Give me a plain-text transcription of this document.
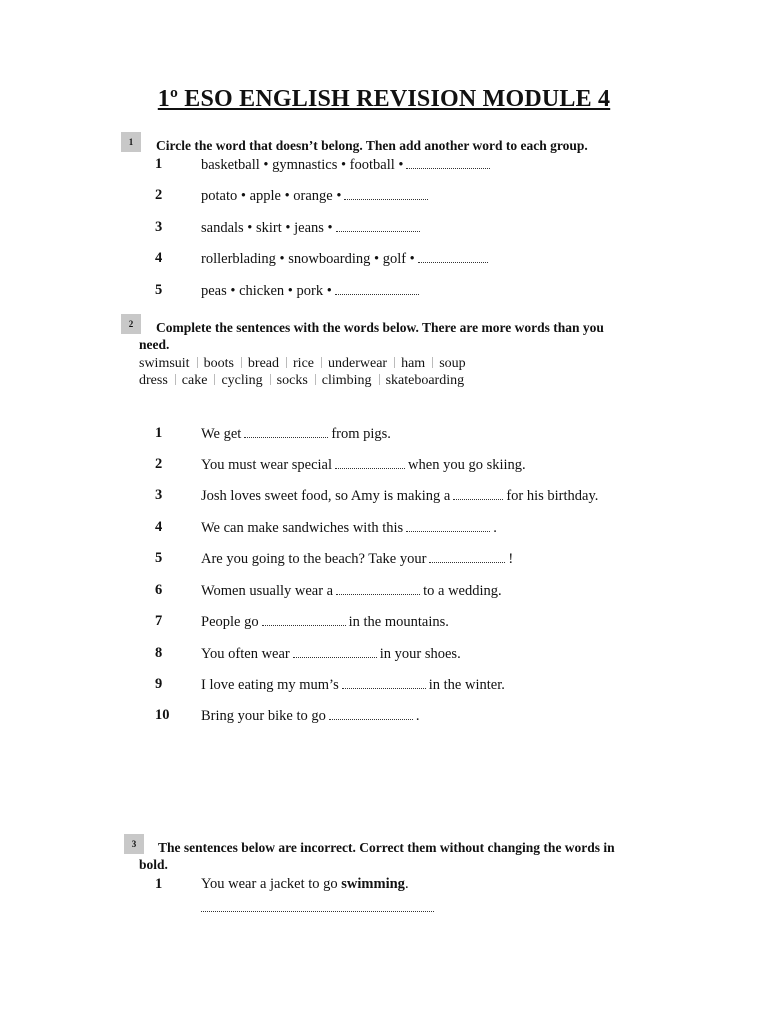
1º ESO ENGLISH REVISION MODULE 4
1	Circle the word that doesn’t belong. Then add another word to each group.
1	basketball • gymnastics • football •
2	potato • apple • orange •
3	sandals • skirt • jeans •
4	rollerblading • snowboarding • golf •
5	peas • chicken • pork •
2	Complete the sentences with the words below. There are more words than you
need.
swimsuit boots bread rice underwear ham soup
dress cake cycling socks climbing skateboarding
1	We get	from pigs.
2	You must wear special	when you go skiing.
3	Josh loves sweet food, so Amy is making a	for his birthday.
4	We can make sandwiches with this	.
5	Are you going to the beach? Take your	!
6	Women usually wear a	to a wedding.
7	People go	in the mountains.
8	You often wear	in your shoes.
9	I love eating my mum’s	in the winter.
10 Bring your bike to go	.
3	The sentences below are incorrect. Correct them without changing the words in
bold.
1	You wear a jacket to go swimming.
